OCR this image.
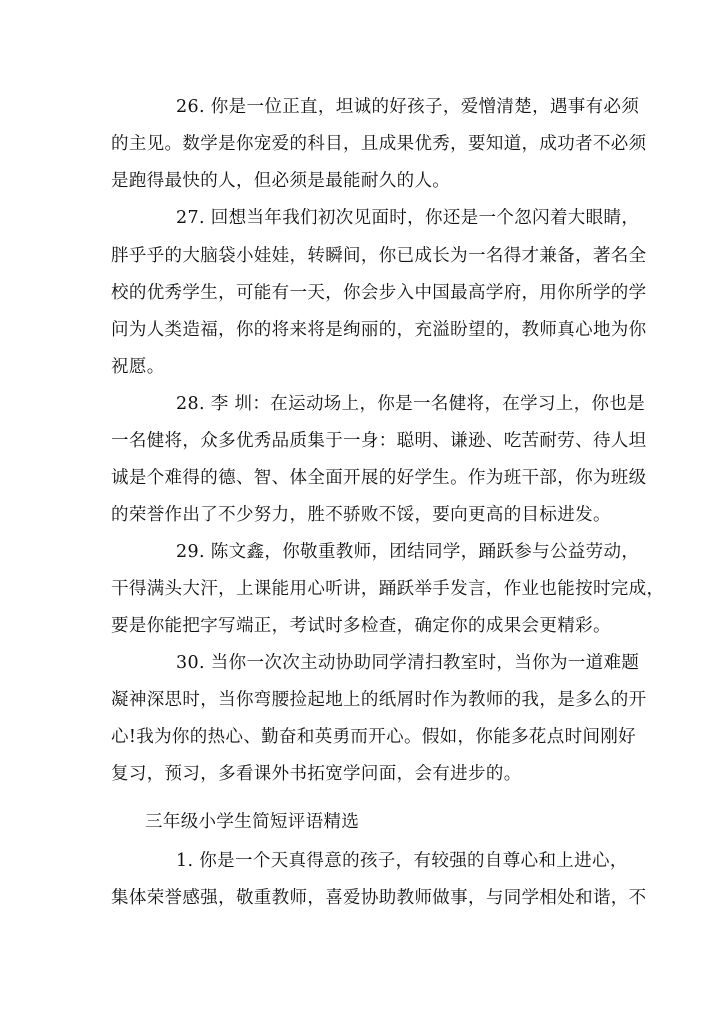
26. 你是一位正直，坦诚的好孩子，爱憎清楚，遇事有必须
的主见。数学是你宠爱的科目，且成果优秀，要知道，成功者不必须
是跑得最快的人，但必须是最能耐久的人。
27. 回想当年我们初次见面时，你还是一个忽闪着大眼睛，
胖乎乎的大脑袋小娃娃，转瞬间，你已成长为一名得才兼备，著名全
校的优秀学生，可能有一天，你会步入中国最高学府，用你所学的学
问为人类造福，你的将来将是绚丽的，充溢盼望的，教师真心地为你
祝愿。
28. 李 圳：在运动场上，你是一名健将，在学习上，你也是
一名健将，众多优秀品质集于一身：聪明、谦逊、吃苦耐劳、待人坦
诚是个难得的德、智、体全面开展的好学生。作为班干部，你为班级
的荣誉作出了不少努力，胜不骄败不馁，要向更高的目标进发。
29. 陈文鑫，你敬重教师，团结同学，踊跃参与公益劳动，
干得满头大汗，上课能用心听讲，踊跃举手发言，作业也能按时完成，
要是你能把字写端正，考试时多检查，确定你的成果会更精彩。
30. 当你一次次主动协助同学清扫教室时，当你为一道难题
凝神深思时，当你弯腰捡起地上的纸屑时作为教师的我，是多么的开
心!我为你的热心、勤奋和英勇而开心。假如，你能多花点时间刚好
复习，预习，多看课外书拓宽学问面，会有进步的。
三年级小学生简短评语精选
1. 你是一个天真得意的孩子，有较强的自尊心和上进心，
集体荣誉感强，敬重教师，喜爱协助教师做事，与同学相处和谐，不
